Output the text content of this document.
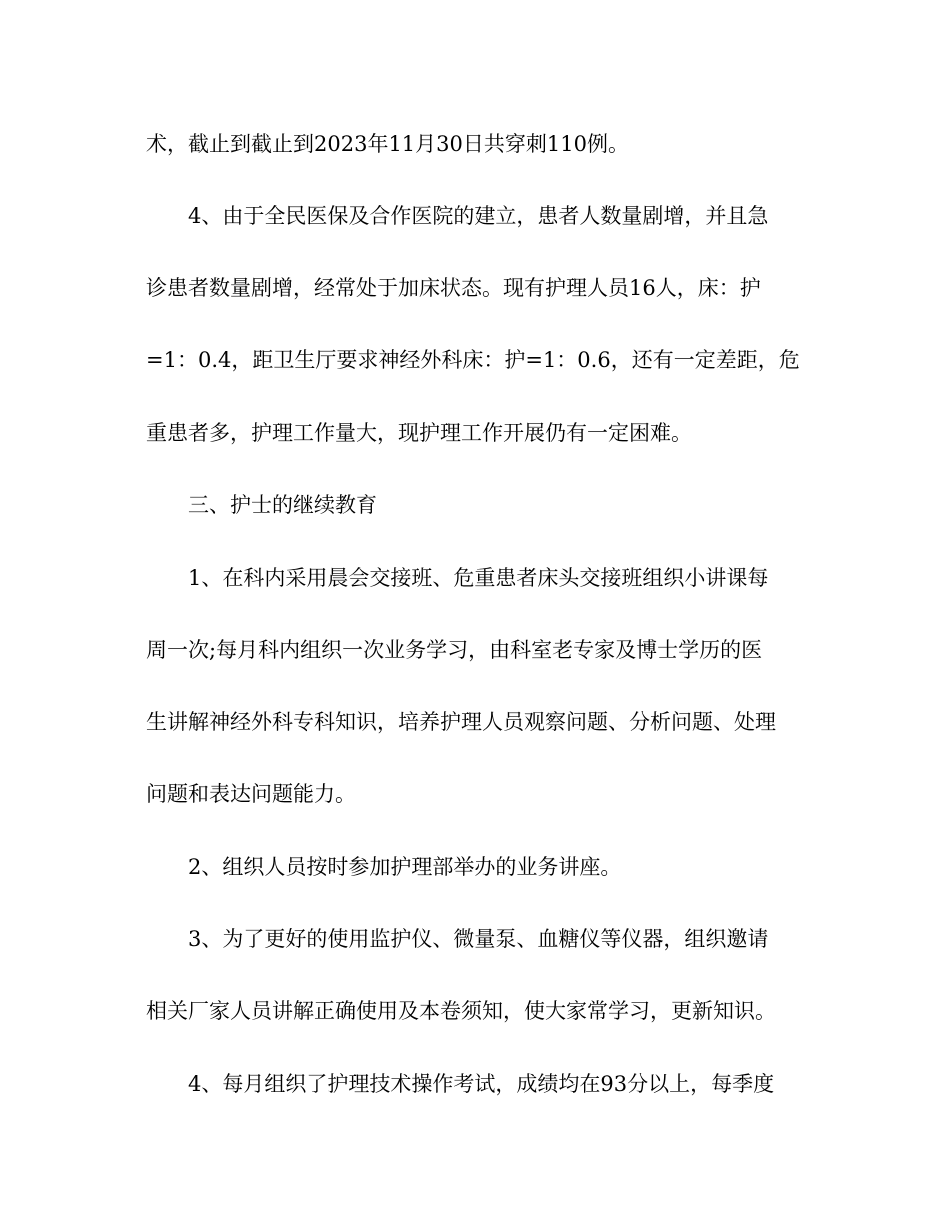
术，截止到截止到2023年11月30日共穿刺110例。
4、由于全民医保及合作医院的建立，患者人数量剧增，并且急
诊患者数量剧增，经常处于加床状态。现有护理人员16人，床：护
=1：0.4，距卫生厅要求神经外科床：护=1：0.6，还有一定差距，危
重患者多，护理工作量大，现护理工作开展仍有一定困难。
三、护士的继续教育
1、在科内采用晨会交接班、危重患者床头交接班组织小讲课每
周一次;每月科内组织一次业务学习，由科室老专家及博士学历的医
生讲解神经外科专科知识，培养护理人员观察问题、分析问题、处理
问题和表达问题能力。
2、组织人员按时参加护理部举办的业务讲座。
3、为了更好的使用监护仪、微量泵、血糖仪等仪器，组织邀请
相关厂家人员讲解正确使用及本卷须知，使大家常学习，更新知识。
4、每月组织了护理技术操作考试，成绩均在93分以上，每季度
